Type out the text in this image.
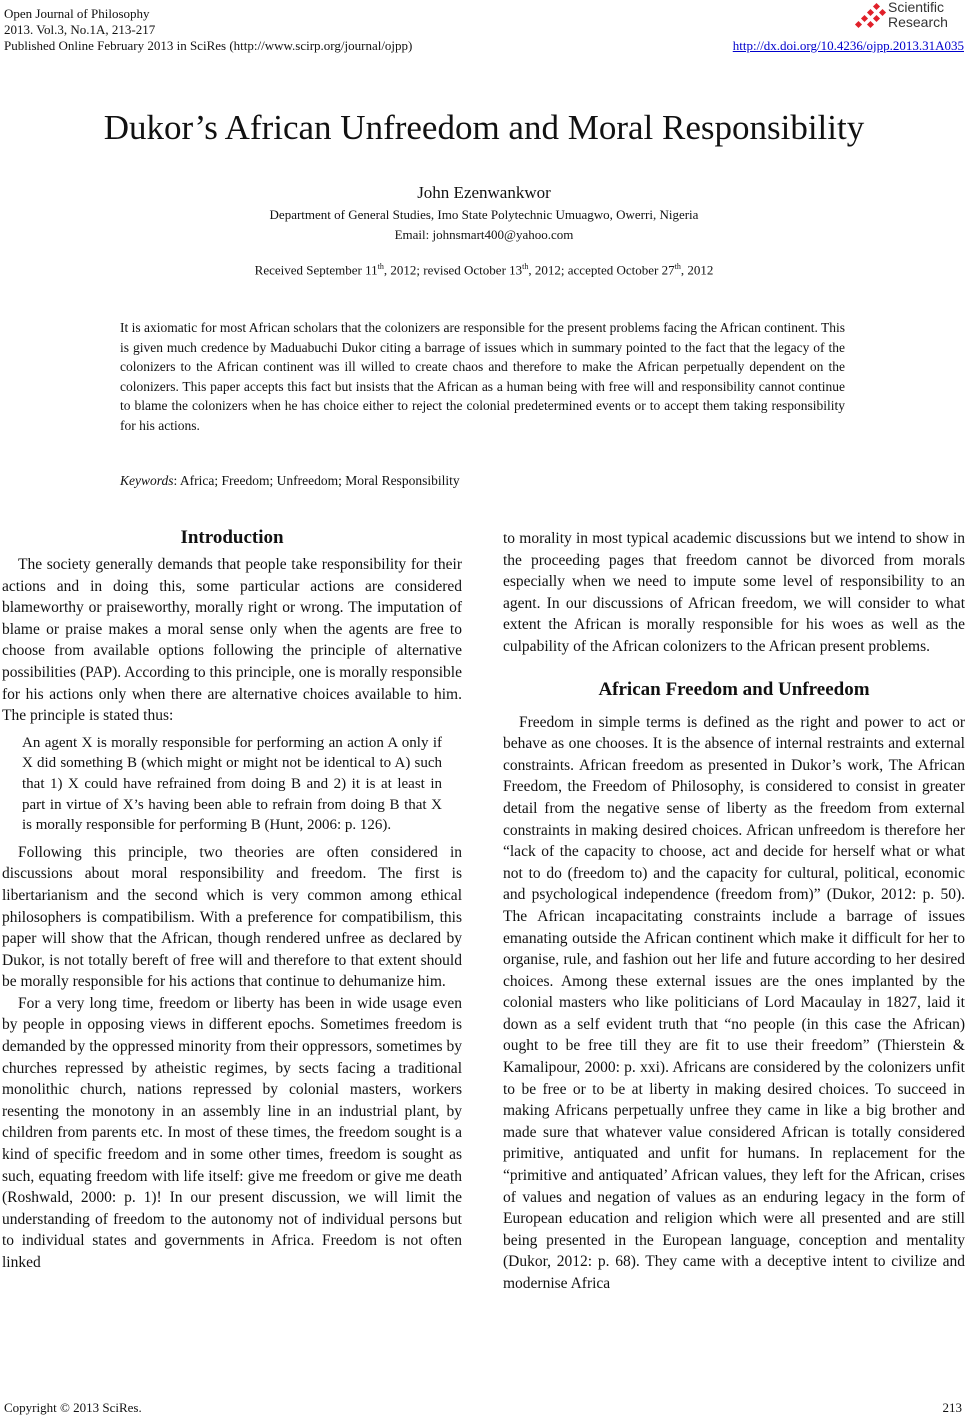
Open Journal of Philosophy
2013. Vol.3, No.1A, 213-217
Published Online February 2013 in SciRes (http://www.scirp.org/journal/ojpp)
Scientific
Research
http://dx.doi.org/10.4236/ojpp.2013.31A035
Dukor’s African Unfreedom and Moral Responsibility
John Ezenwankwor
Department of General Studies, Imo State Polytechnic Umuagwo, Owerri, Nigeria
Email: johnsmart400@yahoo.com
Received September 11th, 2012; revised October 13th, 2012; accepted October 27th, 2012

It is axiomatic for most African scholars that the colonizers are responsible for the present problems facing the African continent. This is given much credence by Maduabuchi Dukor citing a barrage of issues which in summary pointed to the fact that the legacy of the colonizers to the African continent was ill willed to create chaos and therefore to make the African perpetually dependent on the colonizers. This paper accepts this fact but insists that the African as a human being with free will and responsibility cannot continue to blame the colonizers when he has choice either to reject the colonial predetermined events or to accept them taking responsibility for his actions.

Keywords: Africa; Freedom; Unfreedom; Moral Responsibility
Introduction

The society generally demands that people take responsibility for their actions and in doing this, some particular actions are considered blameworthy or praiseworthy, morally right or wrong. The imputation of blame or praise makes a moral sense only when the agents are free to choose from available options following the principle of alternative possibilities (PAP). According to this principle, one is morally responsible for his actions only when there are alternative choices available to him. The principle is stated thus:

An agent X is morally responsible for performing an action A only if X did something B (which might or might not be identical to A) such that 1) X could have refrained from doing B and 2) it is at least in part in virtue of X’s having been able to refrain from doing B that X is morally responsible for performing B (Hunt, 2006: p. 126).

Following this principle, two theories are often considered in discussions about moral responsibility and freedom. The first is libertarianism and the second which is very common among ethical philosophers is compatibilism. With a preference for compatibilism, this paper will show that the African, though rendered unfree as declared by Dukor, is not totally bereft of free will and therefore to that extent should be morally responsible for his actions that continue to dehumanize him.

For a very long time, freedom or liberty has been in wide usage even by people in opposing views in different epochs. Sometimes freedom is demanded by the oppressed minority from their oppressors, sometimes by churches repressed by atheistic regimes, by sects facing a traditional monolithic church, nations repressed by colonial masters, workers resenting the monotony in an assembly line in an industrial plant, by children from parents etc. In most of these times, the freedom sought is a kind of specific freedom and in some other times, freedom is sought as such, equating freedom with life itself: give me freedom or give me death (Roshwald, 2000: p. 1)! In our present discussion, we will limit the understanding of freedom to the autonomy not of individual persons but to individual states and governments in Africa. Freedom is not often linked

to morality in most typical academic discussions but we intend to show in the proceeding pages that freedom cannot be divorced from morals especially when we need to impute some level of responsibility to an agent. In our discussions of African freedom, we will consider to what extent the African is morally responsible for his woes as well as the culpability of the African colonizers to the African present problems.

African Freedom and Unfreedom

Freedom in simple terms is defined as the right and power to act or behave as one chooses. It is the absence of internal restraints and external constraints. African freedom as presented in Dukor’s work, The African Freedom, the Freedom of Philosophy, is considered to consist in greater detail from the negative sense of liberty as the freedom from external constraints in making desired choices. African unfreedom is therefore her “lack of the capacity to choose, act and decide for herself what or what not to do (freedom to) and the capacity for cultural, political, economic and psychological independence (freedom from)” (Dukor, 2012: p. 50). The African incapacitating constraints include a barrage of issues emanating outside the African continent which make it difficult for her to organise, rule, and fashion out her life and future according to her desired choices. Among these external issues are the ones implanted by the colonial masters who like politicians of Lord Macaulay in 1827, laid it down as a self evident truth that “no people (in this case the African) ought to be free till they are fit to use their freedom” (Thierstein & Kamalipour, 2000: p. xxi). Africans are considered by the colonizers unfit to be free or to be at liberty in making desired choices. To succeed in making Africans perpetually unfree they came in like a big brother and made sure that whatever value considered African is totally considered primitive, antiquated and unfit for humans. In replacement for the “primitive and antiquated’ African values, they left for the African, crises of values and negation of values as an enduring legacy in the form of European education and religion which were all presented and are still being presented in the European language, conception and mentality (Dukor, 2012: p. 68). They came with a deceptive intent to civilize and modernise Africa

Copyright © 2013 SciRes.	213
